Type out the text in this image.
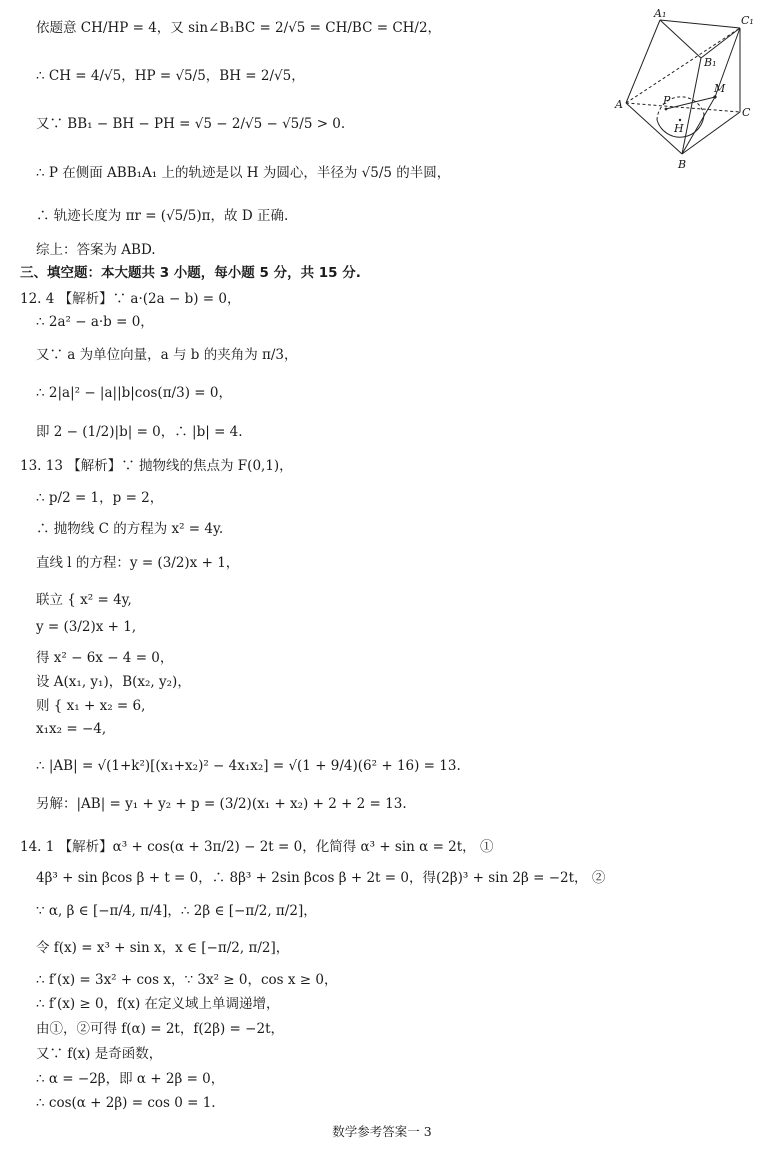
依题意 CH/HP = 4，又 sin∠B₁BC = 2/√5 = CH/BC = CH/2，
∴ CH = 4/√5，HP = √5/5，BH = 2/√5，
又∵ BB₁ − BH − PH = √5 − 2/√5 − √5/5 > 0.
∴ P 在侧面 ABB₁A₁ 上的轨迹是以 H 为圆心，半径为 √5/5 的半圆，
∴ 轨迹长度为 πr = (√5/5)π，故 D 正确.
综上：答案为 ABD.
三、填空题：本大题共 3 小题，每小题 5 分，共 15 分.
12. 4 【解析】∵ a·(2a − b) = 0，
∴ 2a² − a·b = 0，
又∵ a 为单位向量，a 与 b 的夹角为 π/3，
∴ 2|a|² − |a||b|cos(π/3) = 0，
即 2 − (1/2)|b| = 0，∴ |b| = 4.
13. 13 【解析】∵ 抛物线的焦点为 F(0,1)，
∴ p/2 = 1，p = 2，
∴ 抛物线 C 的方程为 x² = 4y.
直线 l 的方程：y = (3/2)x + 1，
联立 { x² = 4y,
y = (3/2)x + 1,
得 x² − 6x − 4 = 0，
设 A(x₁, y₁)，B(x₂, y₂)，
则 { x₁ + x₂ = 6,
x₁x₂ = −4,
∴ |AB| = √(1+k²)[(x₁+x₂)² − 4x₁x₂] = √(1 + 9/4)(6² + 16) = 13.
另解：|AB| = y₁ + y₂ + p = (3/2)(x₁ + x₂) + 2 + 2 = 13.
14. 1 【解析】α³ + cos(α + 3π/2) − 2t = 0，化简得 α³ + sin α = 2t， ①
4β³ + sin βcos β + t = 0，∴ 8β³ + 2sin βcos β + 2t = 0，得(2β)³ + sin 2β = −2t， ②
∵ α, β ∈ [−π/4, π/4]，∴ 2β ∈ [−π/2, π/2]，
令 f(x) = x³ + sin x，x ∈ [−π/2, π/2]，
∴ f′(x) = 3x² + cos x，∵ 3x² ≥ 0，cos x ≥ 0，
∴ f′(x) ≥ 0，f(x) 在定义域上单调递增，
由①，②可得 f(α) = 2t，f(2β) = −2t，
又∵ f(x) 是奇函数，
∴ α = −2β，即 α + 2β = 0，
∴ cos(α + 2β) = cos 0 = 1.
A₁
C₁
B₁
A
C
B
P
M
H
数学参考答案一 3
